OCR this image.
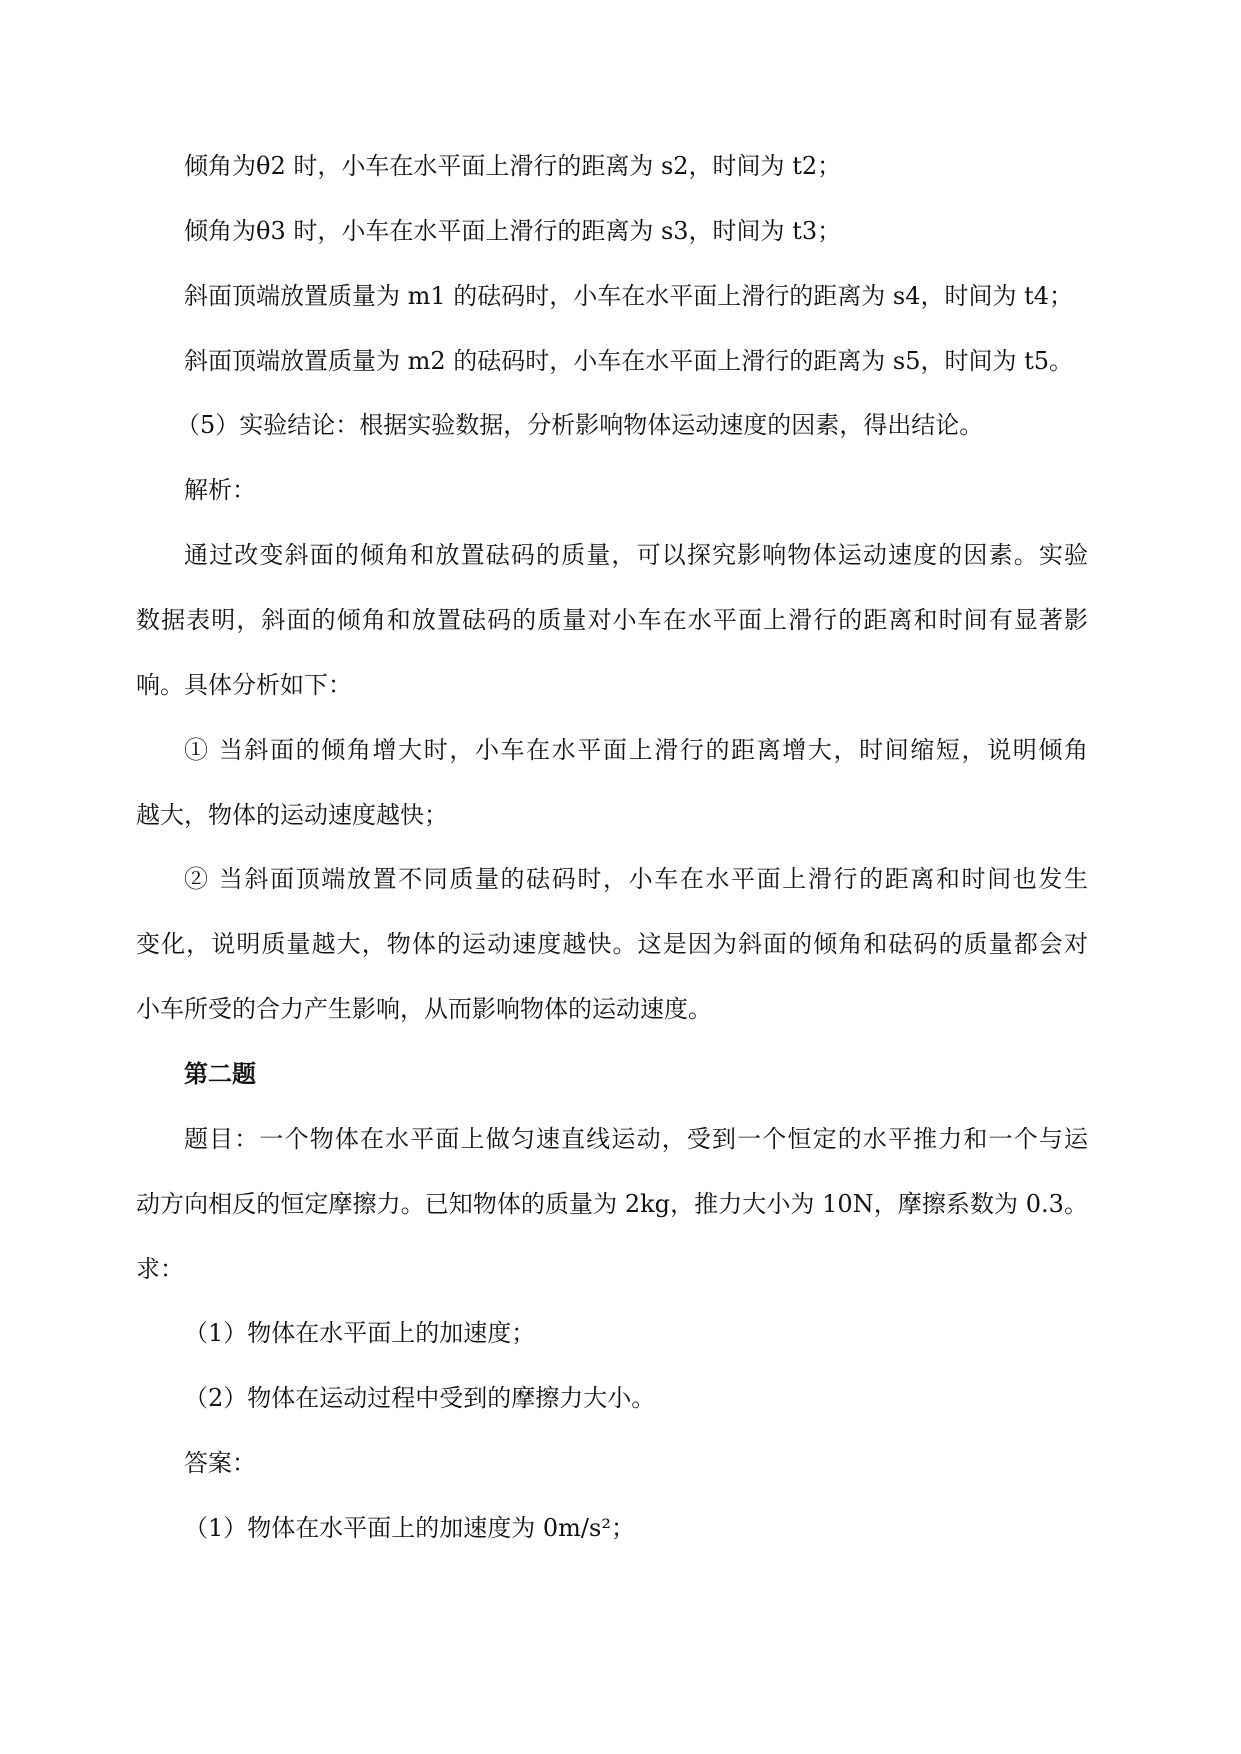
倾角为θ2 时，小车在水平面上滑行的距离为 s2，时间为 t2；
倾角为θ3 时，小车在水平面上滑行的距离为 s3，时间为 t3；
斜面顶端放置质量为 m1 的砝码时，小车在水平面上滑行的距离为 s4，时间为 t4；
斜面顶端放置质量为 m2 的砝码时，小车在水平面上滑行的距离为 s5，时间为 t5。
（5）实验结论：根据实验数据，分析影响物体运动速度的因素，得出结论。
解析：
通过改变斜面的倾角和放置砝码的质量，可以探究影响物体运动速度的因素。实验
数据表明，斜面的倾角和放置砝码的质量对小车在水平面上滑行的距离和时间有显著影
响。具体分析如下：
① 当斜面的倾角增大时，小车在水平面上滑行的距离增大，时间缩短，说明倾角
越大，物体的运动速度越快；
② 当斜面顶端放置不同质量的砝码时，小车在水平面上滑行的距离和时间也发生
变化，说明质量越大，物体的运动速度越快。这是因为斜面的倾角和砝码的质量都会对
小车所受的合力产生影响，从而影响物体的运动速度。
第二题
题目：一个物体在水平面上做匀速直线运动，受到一个恒定的水平推力和一个与运
动方向相反的恒定摩擦力。已知物体的质量为 2kg，推力大小为 10N，摩擦系数为 0.3。
求：
（1）物体在水平面上的加速度；
（2）物体在运动过程中受到的摩擦力大小。
答案：
（1）物体在水平面上的加速度为 0m/s²；
